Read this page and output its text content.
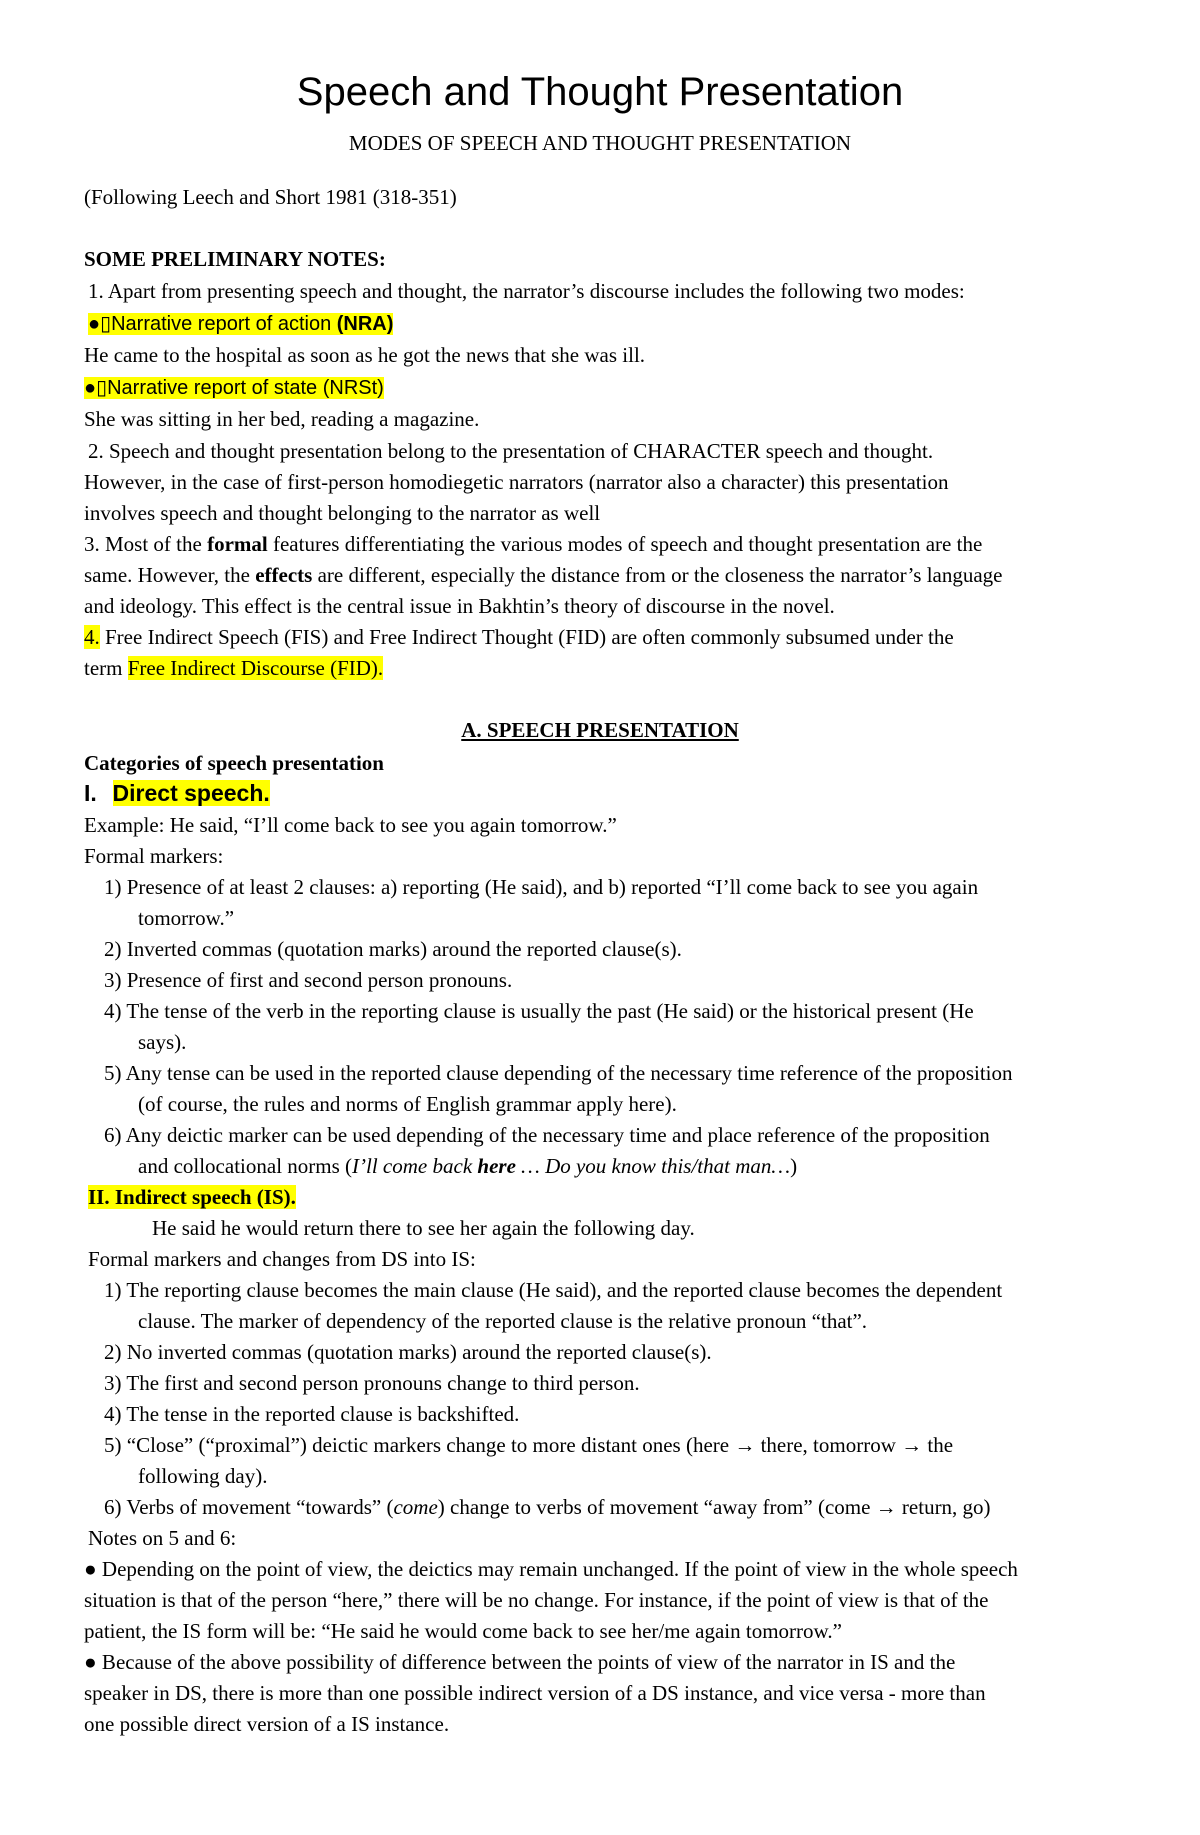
Speech and Thought Presentation
MODES OF SPEECH AND THOUGHT PRESENTATION
(Following Leech and Short 1981 (318-351)
SOME PRELIMINARY NOTES:
1. Apart from presenting speech and thought, the narrator’s discourse includes the following two modes:
●▯Narrative report of action (NRA)
He came to the hospital as soon as he got the news that she was ill.
●▯Narrative report of state (NRSt)
She was sitting in her bed, reading a magazine.
2. Speech and thought presentation belong to the presentation of CHARACTER speech and thought.
However, in the case of first-person homodiegetic narrators (narrator also a character) this presentation
involves speech and thought belonging to the narrator as well
3. Most of the formal features differentiating the various modes of speech and thought presentation are the
same. However, the effects are different, especially the distance from or the closeness the narrator’s language
and ideology. This effect is the central issue in Bakhtin’s theory of discourse in the novel.
4. Free Indirect Speech (FIS) and Free Indirect Thought (FID) are often commonly subsumed under the
term Free Indirect Discourse (FID).
A. SPEECH PRESENTATION
Categories of speech presentation
I. Direct speech.
Example: He said, “I’ll come back to see you again tomorrow.”
Formal markers:
1) Presence of at least 2 clauses: a) reporting (He said), and b) reported “I’ll come back to see you again
tomorrow.”
2) Inverted commas (quotation marks) around the reported clause(s).
3) Presence of first and second person pronouns.
4) The tense of the verb in the reporting clause is usually the past (He said) or the historical present (He
says).
5) Any tense can be used in the reported clause depending of the necessary time reference of the proposition
(of course, the rules and norms of English grammar apply here).
6) Any deictic marker can be used depending of the necessary time and place reference of the proposition
and collocational norms (I’ll come back here … Do you know this/that man…)
II. Indirect speech (IS).
He said he would return there to see her again the following day.
Formal markers and changes from DS into IS:
1) The reporting clause becomes the main clause (He said), and the reported clause becomes the dependent
clause. The marker of dependency of the reported clause is the relative pronoun “that”.
2) No inverted commas (quotation marks) around the reported clause(s).
3) The first and second person pronouns change to third person.
4) The tense in the reported clause is backshifted.
5) “Close” (“proximal”) deictic markers change to more distant ones (here → there, tomorrow → the
following day).
6) Verbs of movement “towards” (come) change to verbs of movement “away from” (come → return, go)
Notes on 5 and 6:
● Depending on the point of view, the deictics may remain unchanged. If the point of view in the whole speech
situation is that of the person “here,” there will be no change. For instance, if the point of view is that of the
patient, the IS form will be: “He said he would come back to see her/me again tomorrow.”
● Because of the above possibility of difference between the points of view of the narrator in IS and the
speaker in DS, there is more than one possible indirect version of a DS instance, and vice versa - more than
one possible direct version of a IS instance.
